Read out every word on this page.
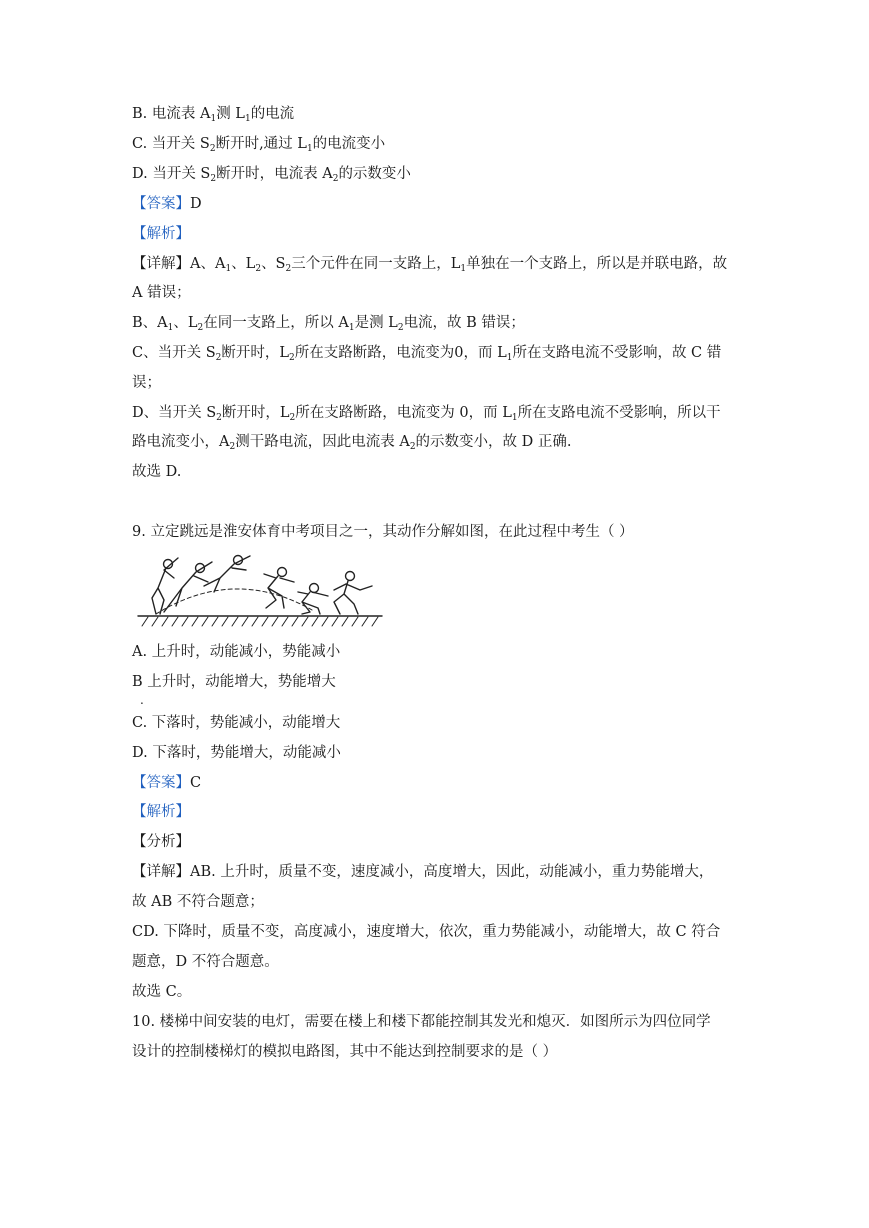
B. 电流表 $A_1$测 $L_1$的电流
C. 当开关 $S_2$断开时,通过 $L_1$的电流变小
D. 当开关 $S_2$断开时，电流表 $A_2$的示数变小
【答案】D
【解析】
【详解】A、$A_1$、$L_2$、$S_2$三个元件在同一支路上，$L_1$单独在一个支路上，所以是并联电路，故
A 错误；
B、$A_1$、$L_2$在同一支路上，所以 $A_1$是测 $L_2$电流，故 B 错误；
C、当开关 $S_2$断开时，$L_2$所在支路断路，电流变为0，而 $L_1$所在支路电流不受影响，故 C 错
误；
D、当开关 $S_2$断开时，$L_2$所在支路断路，电流变为 0，而 $L_1$所在支路电流不受影响，所以干
路电流变小，$A_2$测干路电流，因此电流表 $A_2$的示数变小，故 D 正确.
故选 D.
9. 立定跳远是淮安体育中考项目之一，其动作分解如图，在此过程中考生（ ）
A. 上升时，动能减小，势能减小
B 上升时，动能增大，势能增大
.
C. 下落时，势能减小，动能增大
D. 下落时，势能增大，动能减小
【答案】C
【解析】
【分析】
【详解】AB. 上升时，质量不变，速度减小，高度增大，因此，动能减小，重力势能增大，
故 AB 不符合题意；
CD. 下降时，质量不变，高度减小，速度增大，依次，重力势能减小，动能增大，故 C 符合
题意，D 不符合题意。
故选 C。
10. 楼梯中间安装的电灯，需要在楼上和楼下都能控制其发光和熄灭．如图所示为四位同学
设计的控制楼梯灯的模拟电路图，其中不能达到控制要求的是（ ）
